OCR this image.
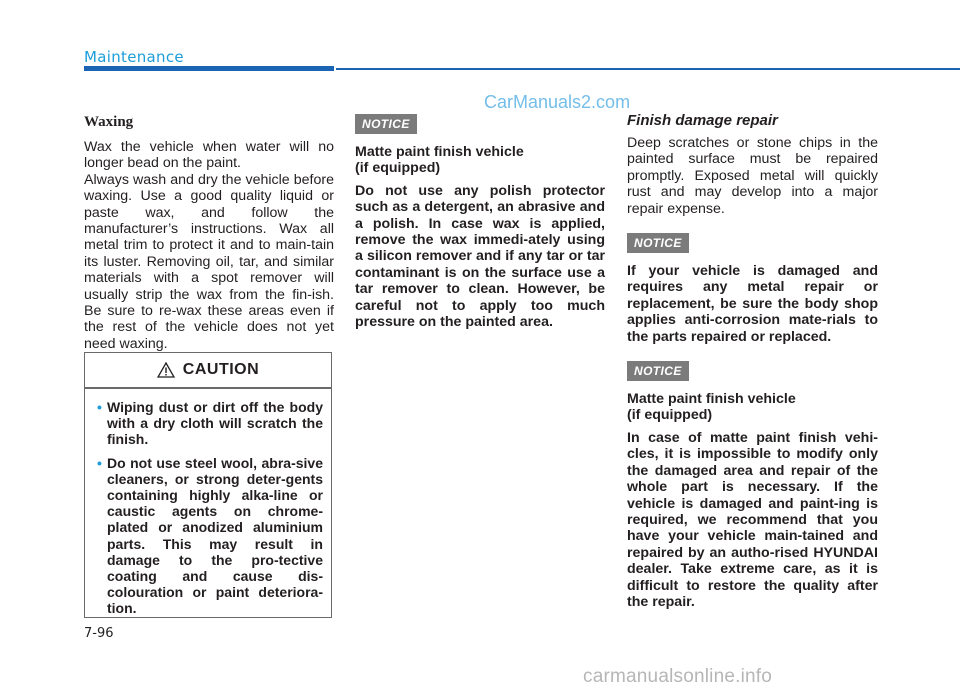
Maintenance
CarManuals2.com
Waxing

Wax the vehicle when water will no longer bead on the paint.
Always wash and dry the vehicle before waxing. Use a good quality liquid or paste wax, and follow the manufacturer’s instructions. Wax all metal trim to protect it and to main-tain its luster. Removing oil, tar, and similar materials with a spot remover will usually strip the wax from the fin-ish. Be sure to re-wax these areas even if the rest of the vehicle does not yet need waxing.

CAUTION
• Wiping dust or dirt off the body with a dry cloth will scratch the finish.
• Do not use steel wool, abra-sive cleaners, or strong deter-gents containing highly alka-line or caustic agents on chrome-plated or anodized aluminium parts. This may result in damage to the pro-tective coating and cause dis-colouration or paint deteriora-tion.
NOTICE

Matte paint finish vehicle
(if equipped)

Do not use any polish protector such as a detergent, an abrasive and a polish. In case wax is applied, remove the wax immedi-ately using a silicon remover and if any tar or tar contaminant is on the surface use a tar remover to clean. However, be careful not to apply too much pressure on the painted area.

Finish damage repair

Deep scratches or stone chips in the painted surface must be repaired promptly. Exposed metal will quickly rust and may develop into a major repair expense.

NOTICE

If your vehicle is damaged and requires any metal repair or replacement, be sure the body shop applies anti-corrosion mate-rials to the parts repaired or replaced.

NOTICE

Matte paint finish vehicle
(if equipped)

In case of matte paint finish vehi-cles, it is impossible to modify only the damaged area and repair of the whole part is necessary. If the vehicle is damaged and paint-ing is required, we recommend that you have your vehicle main-tained and repaired by an autho-rised HYUNDAI dealer. Take extreme care, as it is difficult to restore the quality after the repair.

7-96
carmanualsonline.info
